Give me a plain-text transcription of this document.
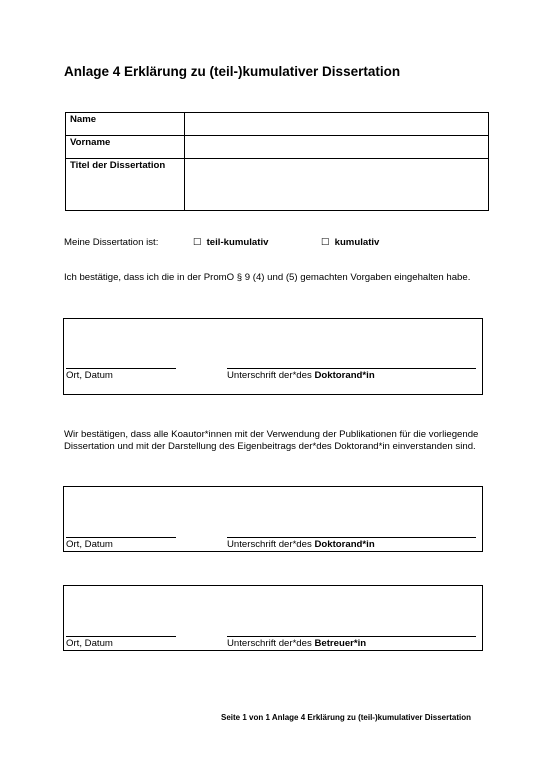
Anlage 4 Erklärung zu (teil-)kumulativer Dissertation
Name	
Vorname	
Titel der Dissertation	
Meine Dissertation ist:	☐ teil-kumulativ	☐ kumulativ
Ich bestätige, dass ich die in der PromO § 9 (4) und (5) gemachten Vorgaben eingehalten habe.
Ort, Datum	Unterschrift der*des Doktorand*in
Wir bestätigen, dass alle Koautor*innen mit der Verwendung der Publikationen für die vorliegende Dissertation und mit der Darstellung des Eigenbeitrags der*des Doktorand*in einverstanden sind.
Ort, Datum	Unterschrift der*des Doktorand*in
Ort, Datum	Unterschrift der*des Betreuer*in
Seite 1 von 1 Anlage 4 Erklärung zu (teil-)kumulativer Dissertation
